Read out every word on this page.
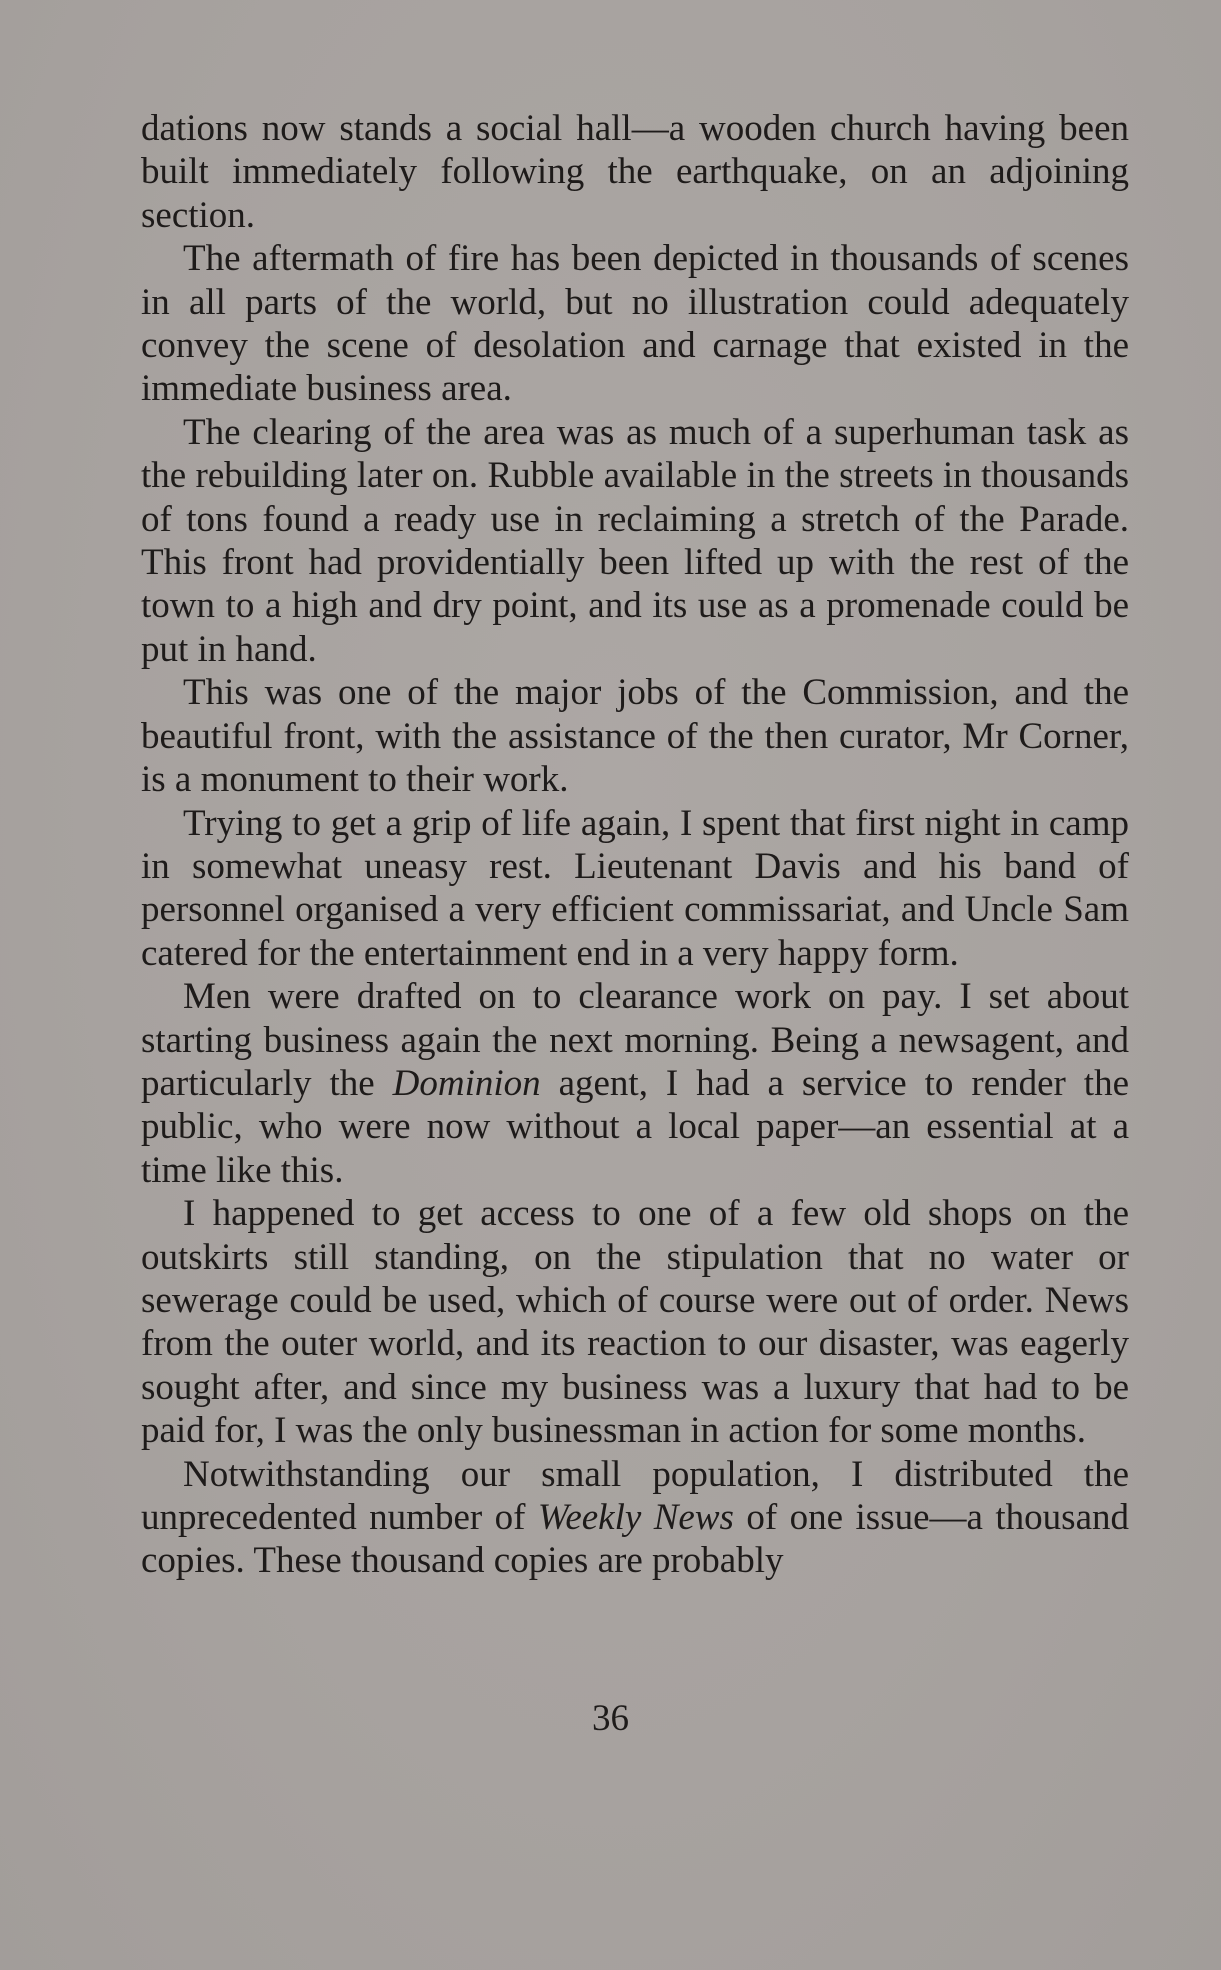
dations now stands a social hall—a wooden church having been built immediately following the earthquake, on an adjoining section.

The aftermath of fire has been depicted in thousands of scenes in all parts of the world, but no illustration could adequately convey the scene of desolation and carnage that existed in the immediate business area.

The clearing of the area was as much of a superhuman task as the rebuilding later on. Rubble available in the streets in thousands of tons found a ready use in reclaiming a stretch of the Parade. This front had providentially been lifted up with the rest of the town to a high and dry point, and its use as a promenade could be put in hand.

This was one of the major jobs of the Commission, and the beautiful front, with the assistance of the then curator, Mr Corner, is a monument to their work.

Trying to get a grip of life again, I spent that first night in camp in somewhat uneasy rest. Lieutenant Davis and his band of personnel organised a very efficient commissariat, and Uncle Sam catered for the entertainment end in a very happy form.

Men were drafted on to clearance work on pay. I set about starting business again the next morning. Being a newsagent, and particularly the Dominion agent, I had a service to render the public, who were now without a local paper—an essential at a time like this.

I happened to get access to one of a few old shops on the outskirts still standing, on the stipulation that no water or sewerage could be used, which of course were out of order. News from the outer world, and its reaction to our disaster, was eagerly sought after, and since my business was a luxury that had to be paid for, I was the only businessman in action for some months.

Notwithstanding our small population, I distributed the unprecedented number of Weekly News of one issue—a thousand copies. These thousand copies are probably

36
